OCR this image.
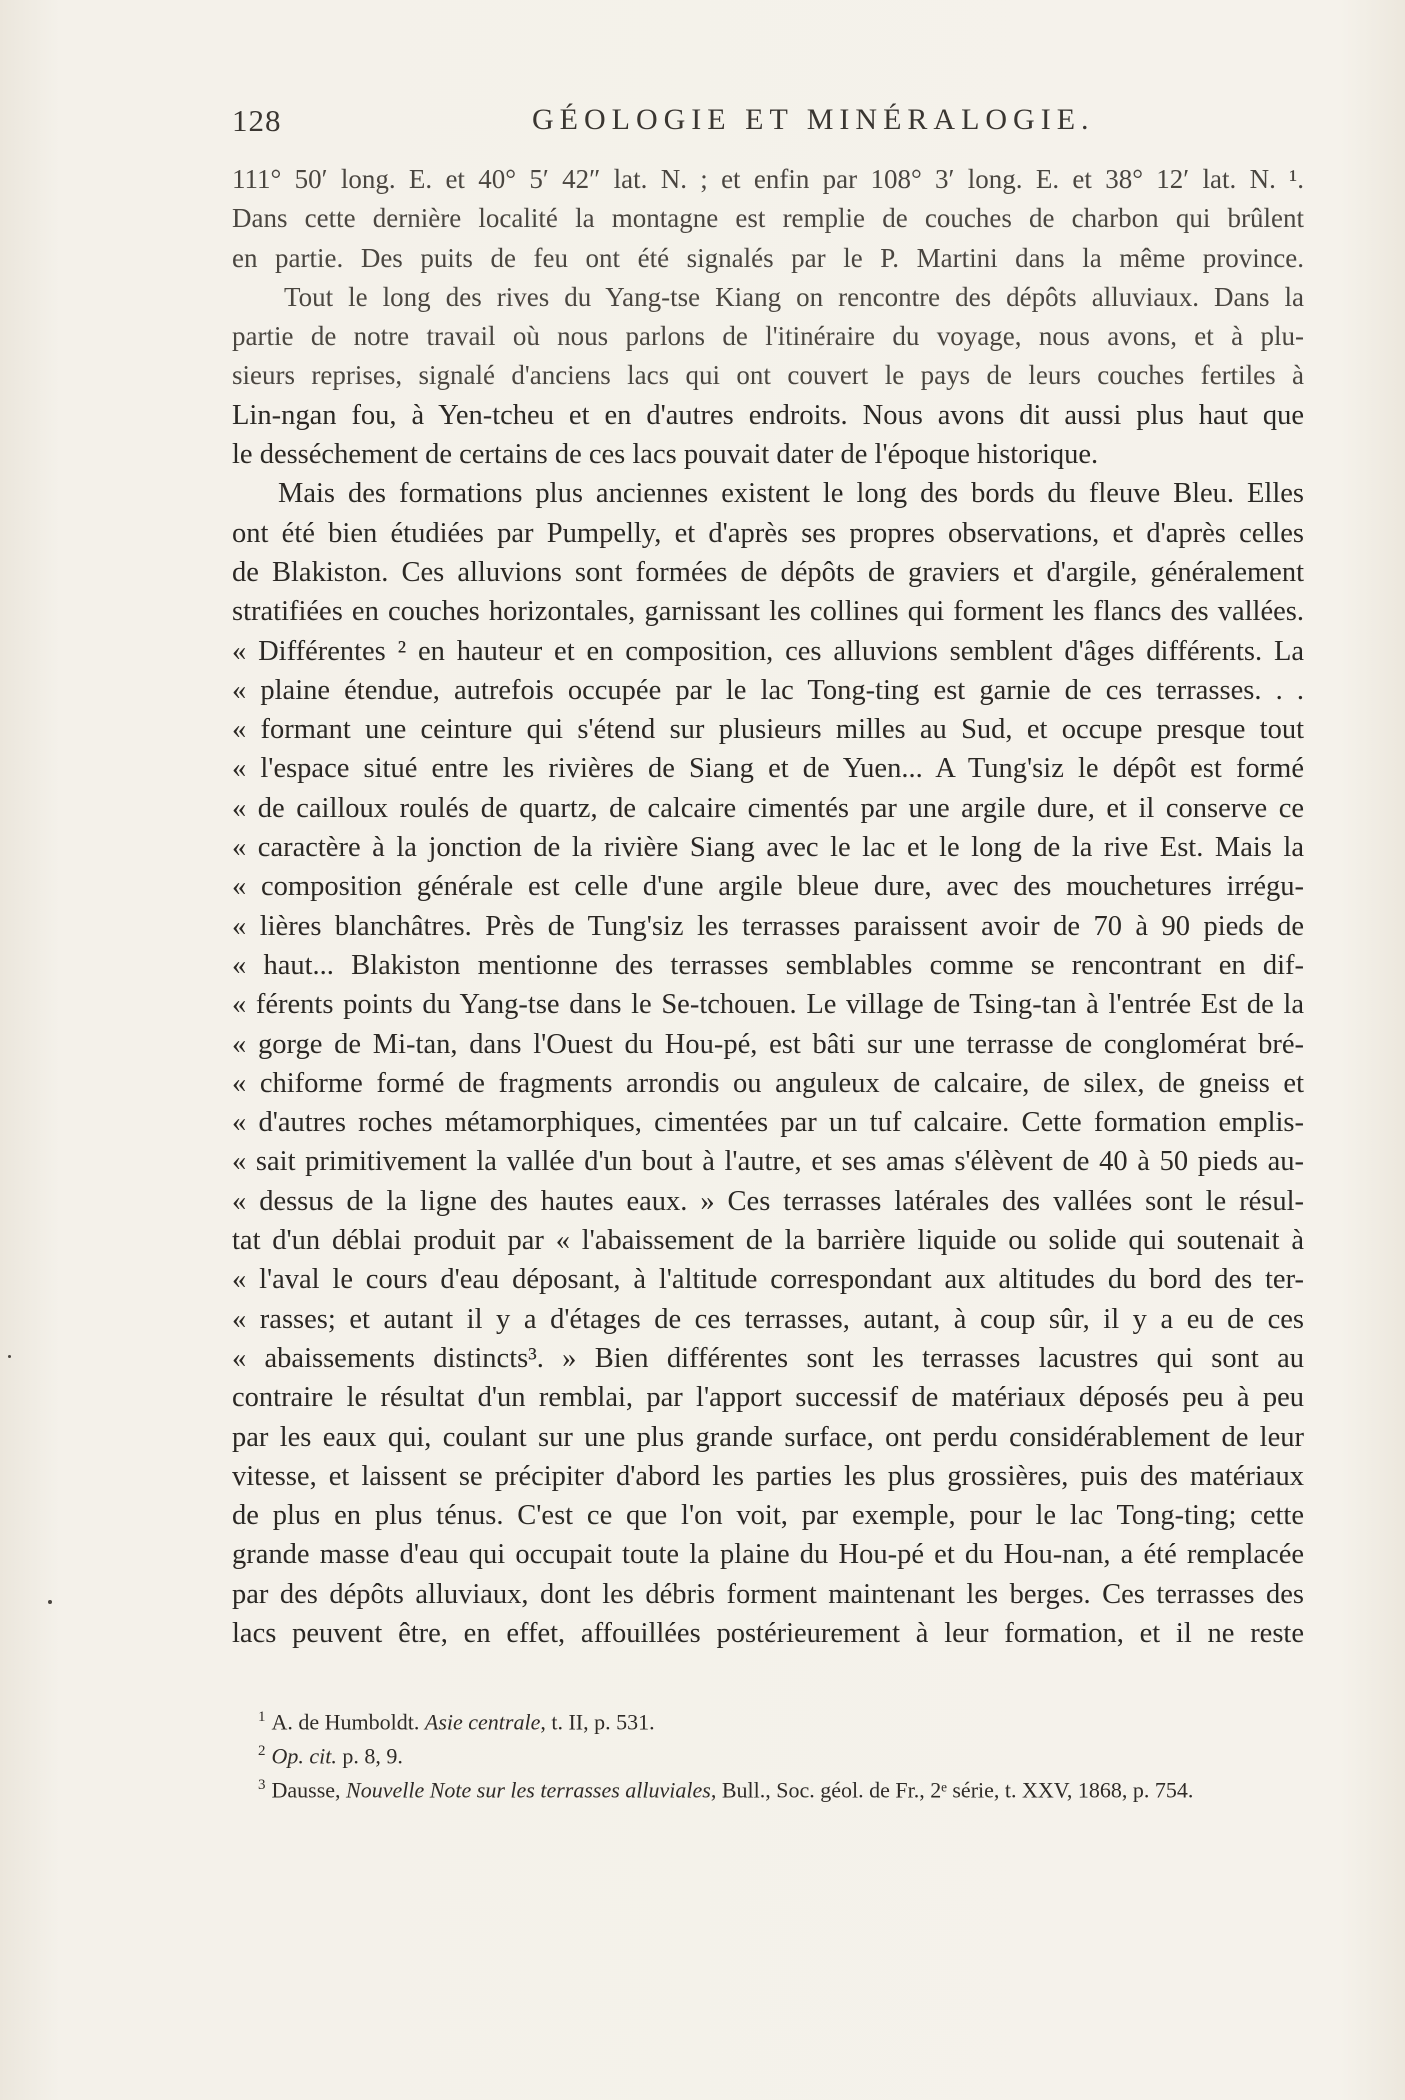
128	GÉOLOGIE ET MINÉRALOGIE.
111° 50′ long. E. et 40° 5′ 42″ lat. N. ; et enfin par 108° 3′ long. E. et 38° 12′ lat. N. ¹.
Dans cette dernière localité la montagne est remplie de couches de charbon qui brûlent
en partie. Des puits de feu ont été signalés par le P. Martini dans la même province.
Tout le long des rives du Yang-tse Kiang on rencontre des dépôts alluviaux. Dans la
partie de notre travail où nous parlons de l'itinéraire du voyage, nous avons, et à plu-
sieurs reprises, signalé d'anciens lacs qui ont couvert le pays de leurs couches fertiles à
Lin-ngan fou, à Yen-tcheu et en d'autres endroits. Nous avons dit aussi plus haut que
le desséchement de certains de ces lacs pouvait dater de l'époque historique.
Mais des formations plus anciennes existent le long des bords du fleuve Bleu. Elles
ont été bien étudiées par Pumpelly, et d'après ses propres observations, et d'après celles
de Blakiston. Ces alluvions sont formées de dépôts de graviers et d'argile, généralement
stratifiées en couches horizontales, garnissant les collines qui forment les flancs des vallées.
« Différentes ² en hauteur et en composition, ces alluvions semblent d'âges différents. La
« plaine étendue, autrefois occupée par le lac Tong-ting est garnie de ces terrasses. . .
« formant une ceinture qui s'étend sur plusieurs milles au Sud, et occupe presque tout
« l'espace situé entre les rivières de Siang et de Yuen... A Tung'siz le dépôt est formé
« de cailloux roulés de quartz, de calcaire cimentés par une argile dure, et il conserve ce
« caractère à la jonction de la rivière Siang avec le lac et le long de la rive Est. Mais la
« composition générale est celle d'une argile bleue dure, avec des mouchetures irrégu-
« lières blanchâtres. Près de Tung'siz les terrasses paraissent avoir de 70 à 90 pieds de
« haut... Blakiston mentionne des terrasses semblables comme se rencontrant en dif-
« férents points du Yang-tse dans le Se-tchouen. Le village de Tsing-tan à l'entrée Est de la
« gorge de Mi-tan, dans l'Ouest du Hou-pé, est bâti sur une terrasse de conglomérat bré-
« chiforme formé de fragments arrondis ou anguleux de calcaire, de silex, de gneiss et
« d'autres roches métamorphiques, cimentées par un tuf calcaire. Cette formation emplis-
« sait primitivement la vallée d'un bout à l'autre, et ses amas s'élèvent de 40 à 50 pieds au-
« dessus de la ligne des hautes eaux. » Ces terrasses latérales des vallées sont le résul-
tat d'un déblai produit par « l'abaissement de la barrière liquide ou solide qui soutenait à
« l'aval le cours d'eau déposant, à l'altitude correspondant aux altitudes du bord des ter-
« rasses; et autant il y a d'étages de ces terrasses, autant, à coup sûr, il y a eu de ces
« abaissements distincts³. » Bien différentes sont les terrasses lacustres qui sont au
contraire le résultat d'un remblai, par l'apport successif de matériaux déposés peu à peu
par les eaux qui, coulant sur une plus grande surface, ont perdu considérablement de leur
vitesse, et laissent se précipiter d'abord les parties les plus grossières, puis des matériaux
de plus en plus ténus. C'est ce que l'on voit, par exemple, pour le lac Tong-ting; cette
grande masse d'eau qui occupait toute la plaine du Hou-pé et du Hou-nan, a été remplacée
par des dépôts alluviaux, dont les débris forment maintenant les berges. Ces terrasses des
lacs peuvent être, en effet, affouillées postérieurement à leur formation, et il ne reste
$^1$ A. de Humboldt. Asie centrale, t. II, p. 531.
$^2$ Op. cit. p. 8, 9.
$^3$ Dausse, Nouvelle Note sur les terrasses alluviales, Bull., Soc. géol. de Fr., 2ᵉ série, t. XXV, 1868, p. 754.
